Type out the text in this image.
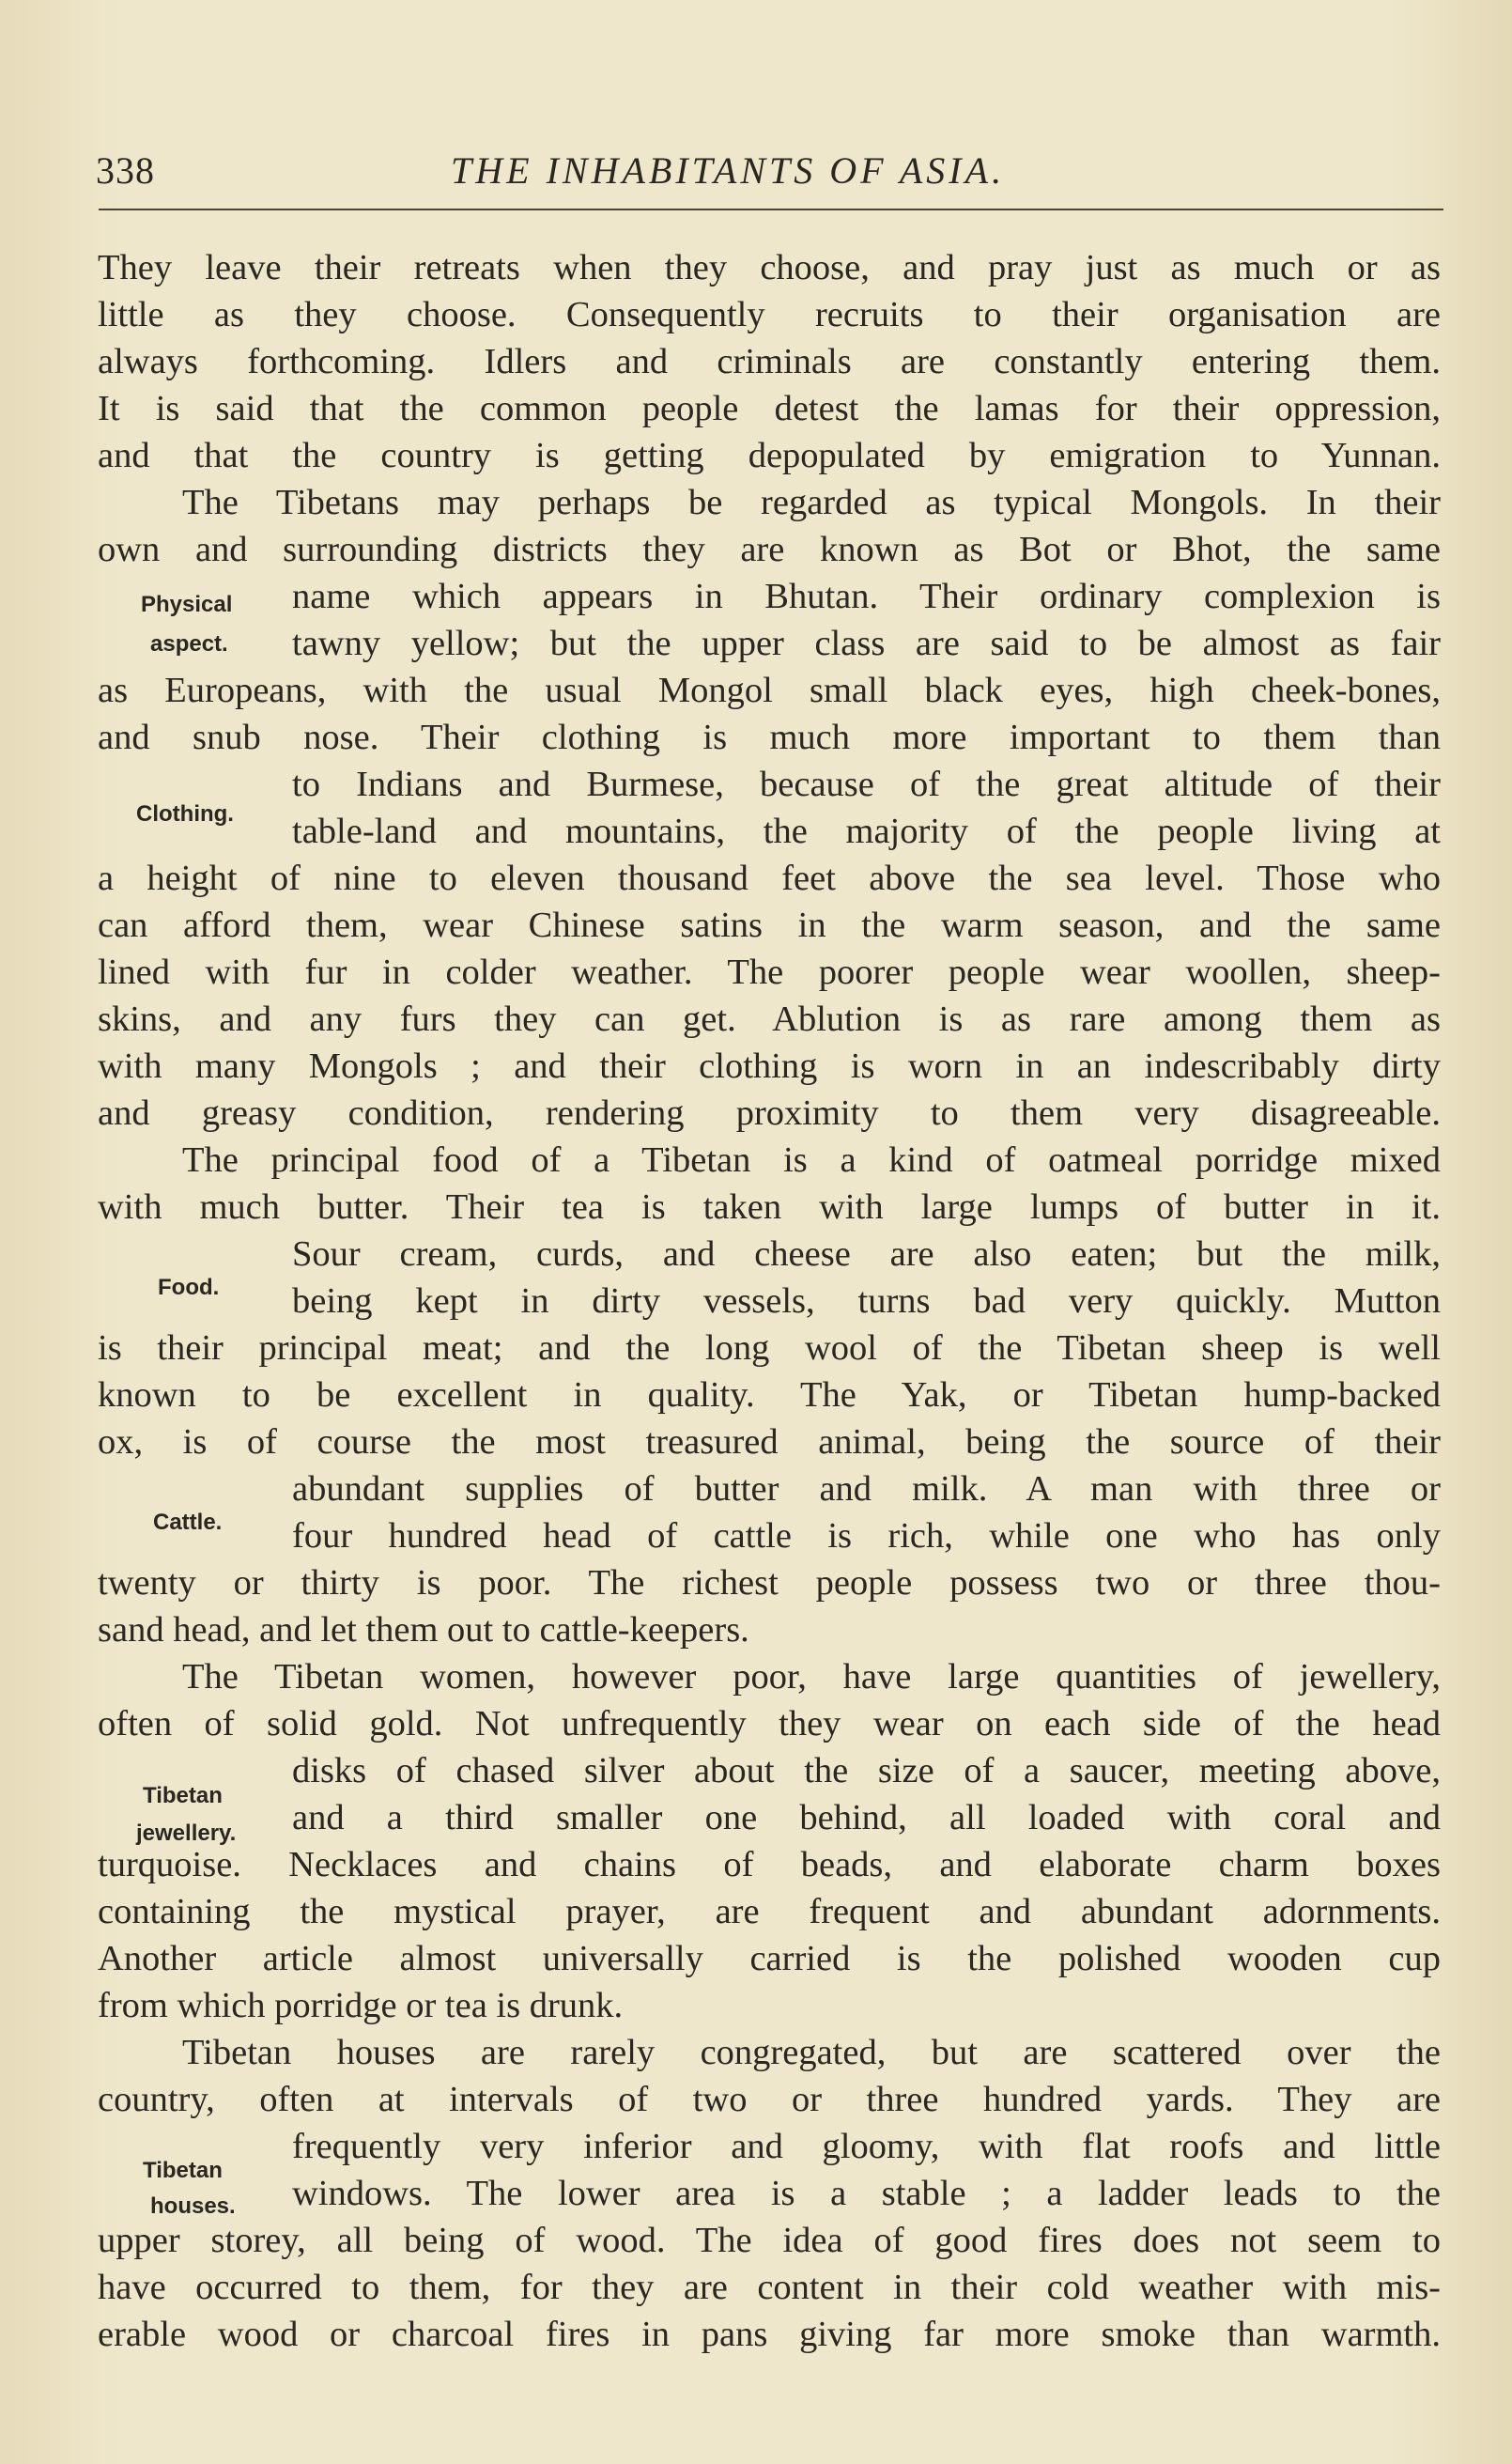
338	THE INHABITANTS OF ASIA.
They leave their retreats when they choose, and pray just as much or as
little as they choose. Consequently recruits to their organisation are
always forthcoming. Idlers and criminals are constantly entering them.
It is said that the common people detest the lamas for their oppression,
and that the country is getting depopulated by emigration to Yunnan.
The Tibetans may perhaps be regarded as typical Mongols. In their
own and surrounding districts they are known as Bot or Bhot, the same
name which appears in Bhutan. Their ordinary complexion is
tawny yellow; but the upper class are said to be almost as fair
as Europeans, with the usual Mongol small black eyes, high cheek-bones,
and snub nose. Their clothing is much more important to them than
to Indians and Burmese, because of the great altitude of their
table-land and mountains, the majority of the people living at
a height of nine to eleven thousand feet above the sea level. Those who
can afford them, wear Chinese satins in the warm season, and the same
lined with fur in colder weather. The poorer people wear woollen, sheep-
skins, and any furs they can get. Ablution is as rare among them as
with many Mongols ; and their clothing is worn in an indescribably dirty
and greasy condition, rendering proximity to them very disagreeable.
The principal food of a Tibetan is a kind of oatmeal porridge mixed
with much butter. Their tea is taken with large lumps of butter in it.
Sour cream, curds, and cheese are also eaten; but the milk,
being kept in dirty vessels, turns bad very quickly. Mutton
is their principal meat; and the long wool of the Tibetan sheep is well
known to be excellent in quality. The Yak, or Tibetan hump-backed
ox, is of course the most treasured animal, being the source of their
abundant supplies of butter and milk. A man with three or
four hundred head of cattle is rich, while one who has only
twenty or thirty is poor. The richest people possess two or three thou-
sand head, and let them out to cattle-keepers.
The Tibetan women, however poor, have large quantities of jewellery,
often of solid gold. Not unfrequently they wear on each side of the head
disks of chased silver about the size of a saucer, meeting above,
and a third smaller one behind, all loaded with coral and
turquoise. Necklaces and chains of beads, and elaborate charm boxes
containing the mystical prayer, are frequent and abundant adornments.
Another article almost universally carried is the polished wooden cup
from which porridge or tea is drunk.
Tibetan houses are rarely congregated, but are scattered over the
country, often at intervals of two or three hundred yards. They are
frequently very inferior and gloomy, with flat roofs and little
windows. The lower area is a stable ; a ladder leads to the
upper storey, all being of wood. The idea of good fires does not seem to
have occurred to them, for they are content in their cold weather with mis-
erable wood or charcoal fires in pans giving far more smoke than warmth.
Physical
aspect.
Clothing.
Food.
Cattle.
Tibetan
jewellery.
Tibetan
houses.
